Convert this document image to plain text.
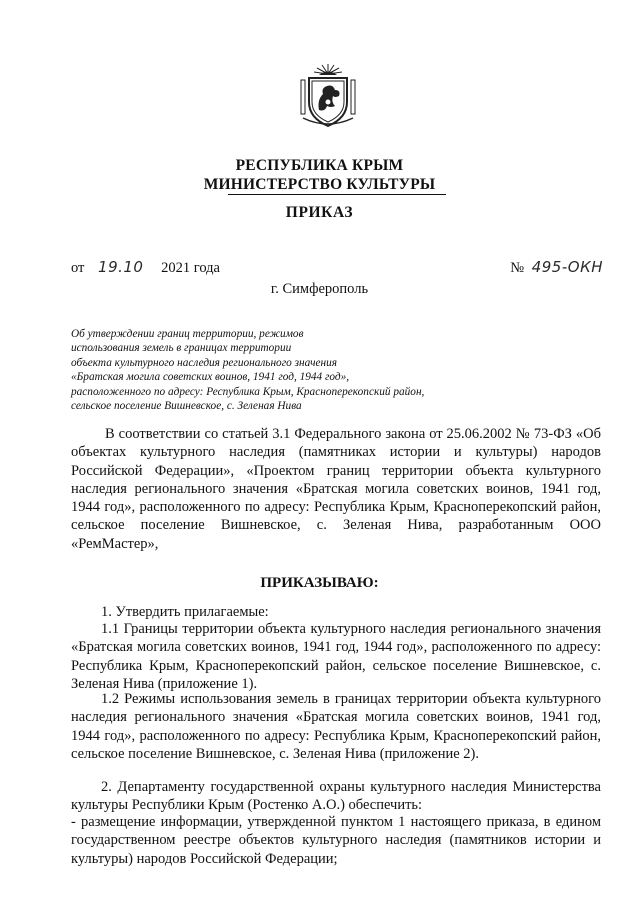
РЕСПУБЛИКА КРЫМ
МИНИСТЕРСТВО КУЛЬТУРЫ
ПРИКАЗ
от 19.10 2021 года	№ 495-ОКН
г. Симферополь
Об утверждении границ территории, режимов
использования земель в границах территории
объекта культурного наследия регионального значения
«Братская могила советских воинов, 1941 год, 1944 год»,
расположенного по адресу: Республика Крым, Красноперекопский район,
сельское поселение Вишневское, с. Зеленая Нива
В соответствии со статьей 3.1 Федерального закона от 25.06.2002 № 73-ФЗ «Об объектах культурного наследия (памятниках истории и культуры) народов Российской Федерации», «Проектом границ территории объекта культурного наследия регионального значения «Братская могила советских воинов, 1941 год, 1944 год», расположенного по адресу: Республика Крым, Красноперекопский район, сельское поселение Вишневское, с. Зеленая Нива, разработанным ООО «РемМастер»,
ПРИКАЗЫВАЮ:
1. Утвердить прилагаемые:
1.1 Границы территории объекта культурного наследия регионального значения «Братская могила советских воинов, 1941 год, 1944 год», расположенного по адресу: Республика Крым, Красноперекопский район, сельское поселение Вишневское, с. Зеленая Нива (приложение 1).
1.2 Режимы использования земель в границах территории объекта культурного наследия регионального значения «Братская могила советских воинов, 1941 год, 1944 год», расположенного по адресу: Республика Крым, Красноперекопский район, сельское поселение Вишневское, с. Зеленая Нива (приложение 2).
2. Департаменту государственной охраны культурного наследия Министерства культуры Республики Крым (Ростенко А.О.) обеспечить:
- размещение информации, утвержденной пунктом 1 настоящего приказа, в едином государственном реестре объектов культурного наследия (памятников истории и культуры) народов Российской Федерации;
